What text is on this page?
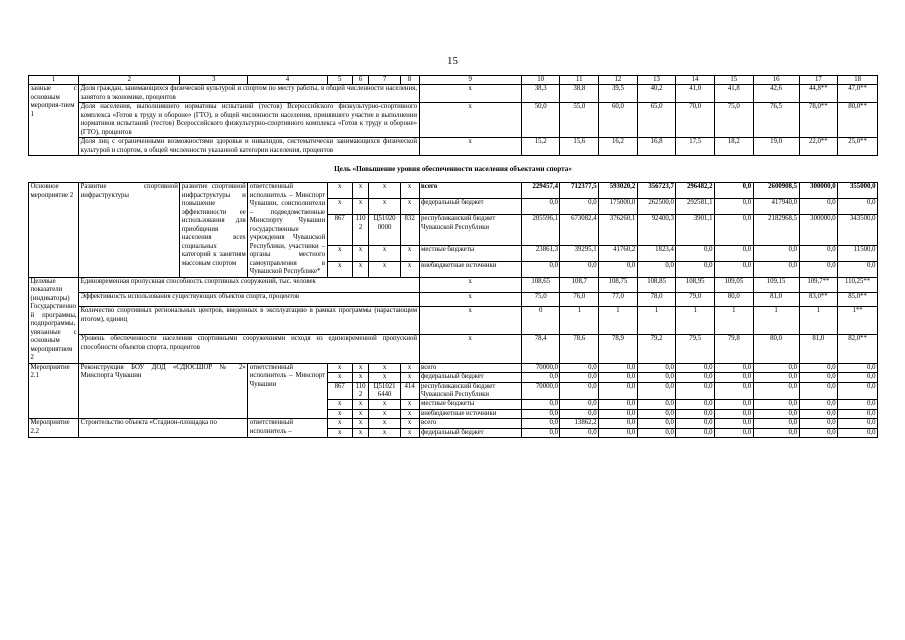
15
1	2	3	4	5	6	7	8	9	10	11	12	13	14	15	16	17	18
занные с основным мероприя-тием 1	Доля граждан, занимающихся физической культурой и спортом по месту работы, в общей численности населения, занятого в экономике, процентов							x	38,3	38,8	39,5	40,2	41,0	41,8	42,6	44,8**	47,0**
	Доля населения, выполнившего нормативы испытаний (тестов) Всероссийского физкультурно-спортивного комплекса «Готов к труду и обороне» (ГТО), в общей численности населения, принявшего участие в выполнении нормативов испытаний (тестов) Всероссийского физкультурно-спортивного комплекса «Готов к труду и обороне» (ГТО), процентов							x	50,0	55,0	60,0	65,0	70,0	75,0	76,5	78,0**	80,0**
	Доля лиц с ограниченными возможностями здоровья и инвалидов, систематически занимающихся физической культурой и спортом, в общей численности указанной категории населения, процентов							x	15,2	15,6	16,2	16,8	17,5	18,2	19,0	22,0**	25,0**
Цель «Повышение уровня обеспеченности населения объектами спорта»																	
Основное мероприятие 2	Развитие спортивной инфраструктуры	развитие спортивной инфраструктуры и повышение эффективности ее использования для приобщения населения всех социальных категорий к занятиям массовым спортом	ответственный исполнитель – Минспорт Чувашии, соисполнители – подведомственные Минспорту Чувашии государственные учреждения Чувашской Республики, участники – органы местного самоуправления в Чувашской Республике*	x	x	x	x	всего	229457,4	712377,5	593020,2	356723,7	296482,2	0,0	2600908,5	300000,0	355000,0
				x	x	x	x	федеральный бюджет	0,0	0,0	175000,0	262500,0	292581,1	0,0	417940,0	0,0	0,0
				867	1102	Ц51020 0000	832	республиканский бюджет Чувашской Республики	205596,1	673082,4	376260,1	92400,3	3901,1	0,0	2182968,5	300000,0	343500,0
				x	x	x	x	местные бюджеты	23861,3	39295,1	41760,2	1823,4	0,0	0,0	0,0	0,0	11500,0
				x	x	x	x	внебюджетные источники	0,0	0,0	0,0	0,0	0,0	0,0	0,0	0,0	0,0
Целевые показатели (индикаторы) Государственной программы, подпрограммы, увязанные с основным мероприятием 2	Единовременная пропускная способность спортивных сооружений, тыс. человек							x	108,65	108,7	108,75	108,85	108,95	109,05	109,15	109,7**	110,25**
	Эффективность использования существующих объектов спорта, процентов							x	75,0	76,0	77,0	78,0	79,0	80,0	81,0	83,0**	85,0**
	Количество спортивных региональных центров, введенных в эксплуатацию в рамках программы (нарастающим итогом), единиц							x	0	1	1	1	1	1	1	1	1**
	Уровень обеспеченности населения спортивными сооружениями исходя из единовременной пропускной способности объектов спорта, процентов							x	78,4	78,6	78,9	79,2	79,5	79,8	80,0	81,0	82,0**
Мероприятие 2.1	Реконструкция БОУ ДОД «СДЮСШОР № 2» Минспорта Чувашии		ответственный исполнитель – Минспорт Чувашии	x	x	x	x	всего	70000,0	0,0	0,0	0,0	0,0	0,0	0,0	0,0	0,0
				x	x	x	x	федеральный бюджет	0,0	0,0	0,0	0,0	0,0	0,0	0,0	0,0	0,0
				867	1102	Ц51021 6440	414	республиканский бюджет Чувашской Республики	70000,0	0,0	0,0	0,0	0,0	0,0	0,0	0,0	0,0
				x	x	x	x	местные бюджеты	0,0	0,0	0,0	0,0	0,0	0,0	0,0	0,0	0,0
				x	x	x	x	внебюджетные источники	0,0	0,0	0,0	0,0	0,0	0,0	0,0	0,0	0,0
Мероприятие 2.2	Строительство объекта «Стадион-площадка по		ответственный исполнитель –	x	x	x	x	всего	0,0	13862,2	0,0	0,0	0,0	0,0	0,0	0,0	0,0
				x	x	x	x	федеральный бюджет	0,0	0,0	0,0	0,0	0,0	0,0	0,0	0,0	0,0
